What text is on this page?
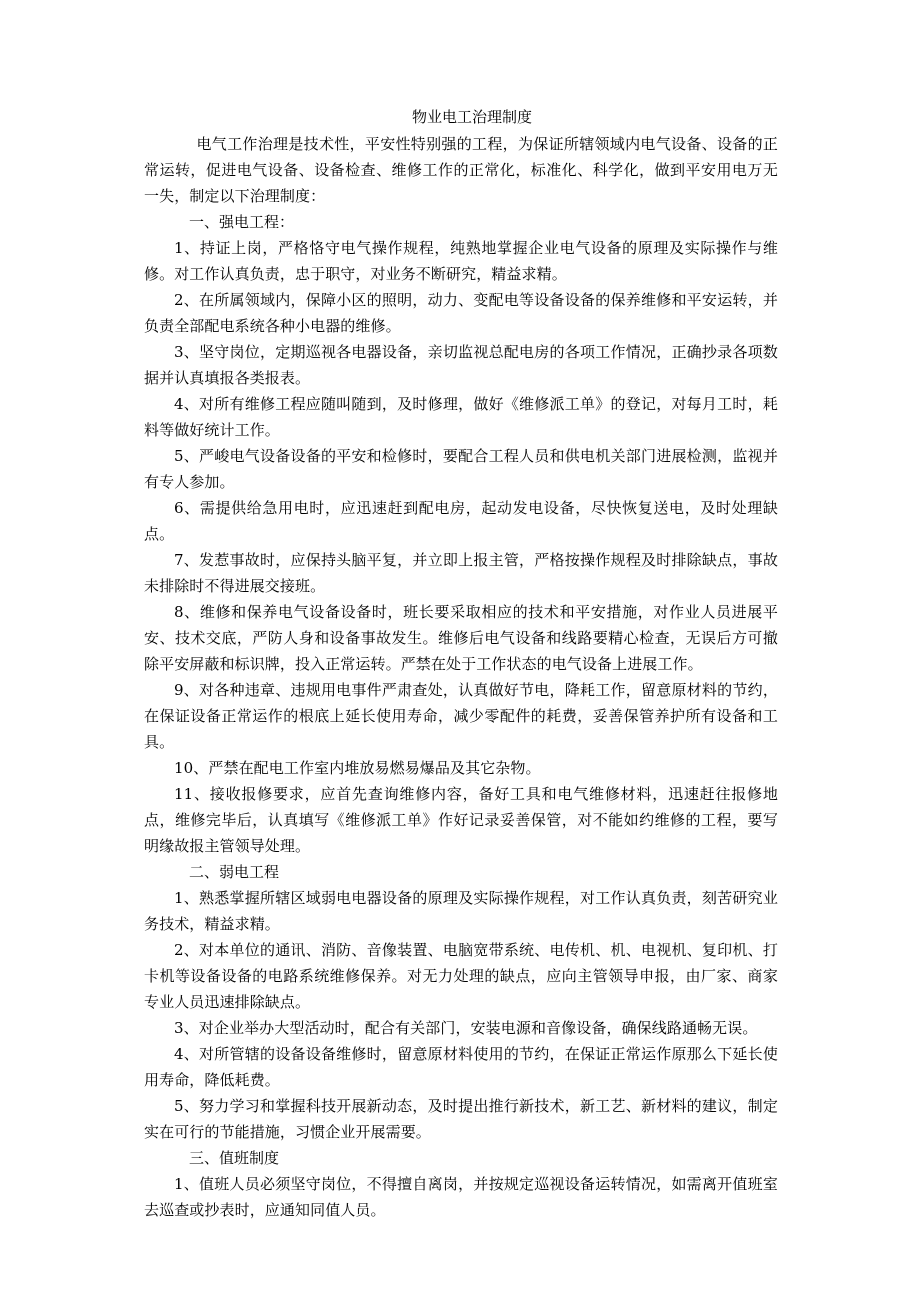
物业电工治理制度

电气工作治理是技术性，平安性特别强的工程，为保证所辖领域内电气设备、设备的正常运转，促进电气设备、设备检查、维修工作的正常化，标准化、科学化，做到平安用电万无一失，制定以下治理制度：

一、强电工程：

1、持证上岗，严格恪守电气操作规程，纯熟地掌握企业电气设备的原理及实际操作与维修。对工作认真负责，忠于职守，对业务不断研究，精益求精。

2、在所属领域内，保障小区的照明，动力、变配电等设备设备的保养维修和平安运转，并负责全部配电系统各种小电器的维修。

3、坚守岗位，定期巡视各电器设备，亲切监视总配电房的各项工作情况，正确抄录各项数据并认真填报各类报表。

4、对所有维修工程应随叫随到，及时修理，做好《维修派工单》的登记，对每月工时，耗料等做好统计工作。

5、严峻电气设备设备的平安和检修时，要配合工程人员和供电机关部门进展检测，监视并有专人参加。

6、需提供给急用电时，应迅速赶到配电房，起动发电设备，尽快恢复送电，及时处理缺点。

7、发惹事故时，应保持头脑平复，并立即上报主管，严格按操作规程及时排除缺点，事故未排除时不得进展交接班。

8、维修和保养电气设备设备时，班长要采取相应的技术和平安措施，对作业人员进展平安、技术交底，严防人身和设备事故发生。维修后电气设备和线路要精心检查，无误后方可撤除平安屏蔽和标识牌，投入正常运转。严禁在处于工作状态的电气设备上进展工作。

9、对各种违章、违规用电事件严肃查处，认真做好节电，降耗工作，留意原材料的节约，在保证设备正常运作的根底上延长使用寿命，减少零配件的耗费，妥善保管养护所有设备和工具。

10、严禁在配电工作室内堆放易燃易爆品及其它杂物。

11、接收报修要求，应首先查询维修内容，备好工具和电气维修材料，迅速赶往报修地点，维修完毕后，认真填写《维修派工单》作好记录妥善保管，对不能如约维修的工程，要写明缘故报主管领导处理。

二、弱电工程

1、熟悉掌握所辖区域弱电电器设备的原理及实际操作规程，对工作认真负责，刻苦研究业务技术，精益求精。

2、对本单位的通讯、消防、音像装置、电脑宽带系统、电传机、机、电视机、复印机、打卡机等设备设备的电路系统维修保养。对无力处理的缺点，应向主管领导申报，由厂家、商家专业人员迅速排除缺点。

3、对企业举办大型活动时，配合有关部门，安装电源和音像设备，确保线路通畅无误。

4、对所管辖的设备设备维修时，留意原材料使用的节约，在保证正常运作原那么下延长使用寿命，降低耗费。

5、努力学习和掌握科技开展新动态，及时提出推行新技术，新工艺、新材料的建议，制定实在可行的节能措施，习惯企业开展需要。

三、值班制度

1、值班人员必须坚守岗位，不得擅自离岗，并按规定巡视设备运转情况，如需离开值班室去巡查或抄表时，应通知同值人员。
